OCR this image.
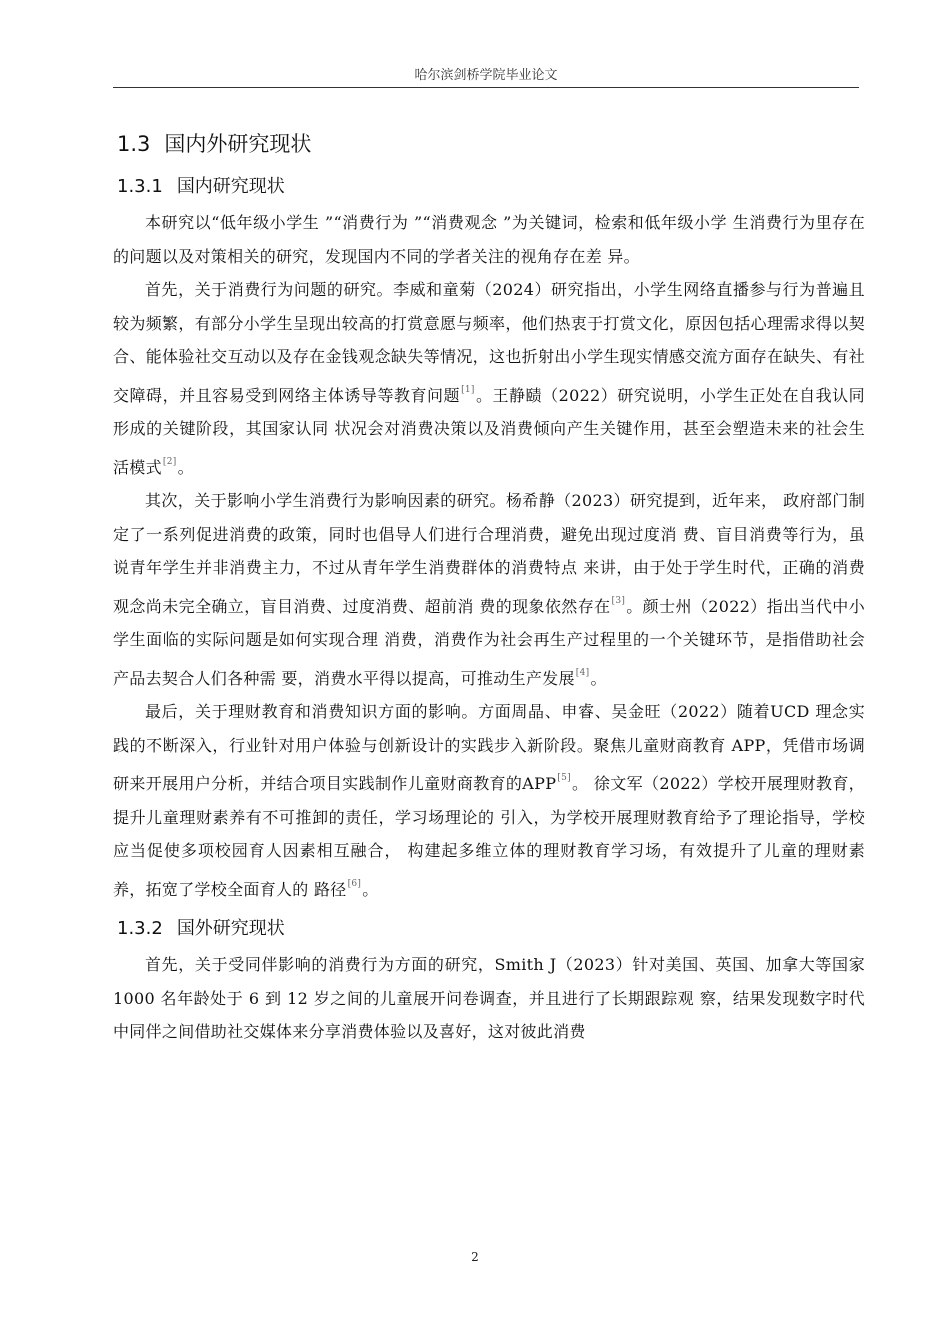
哈尔滨剑桥学院毕业论文
1.3 国内外研究现状
1.3.1 国内研究现状

本研究以“低年级小学生 ”“消费行为 ”“消费观念 ”为关键词，检索和低年级小学 生消费行为里存在的问题以及对策相关的研究，发现国内不同的学者关注的视角存在差 异。

首先，关于消费行为问题的研究。李威和童菊（2024）研究指出，小学生网络直播参与行为普遍且较为频繁，有部分小学生呈现出较高的打赏意愿与频率，他们热衷于打赏文化，原因包括心理需求得以契合、能体验社交互动以及存在金钱观念缺失等情况，这也折射出小学生现实情感交流方面存在缺失、有社交障碍，并且容易受到网络主体诱导等教育问题[1]。王静赜（2022）研究说明，小学生正处在自我认同形成的关键阶段，其国家认同 状况会对消费决策以及消费倾向产生关键作用，甚至会塑造未来的社会生活模式[2]。

其次，关于影响小学生消费行为影响因素的研究。杨希静（2023）研究提到，近年来， 政府部门制定了一系列促进消费的政策，同时也倡导人们进行合理消费，避免出现过度消 费、盲目消费等行为，虽说青年学生并非消费主力，不过从青年学生消费群体的消费特点 来讲，由于处于学生时代，正确的消费观念尚未完全确立，盲目消费、过度消费、超前消 费的现象依然存在[3]。颜士州（2022）指出当代中小学生面临的实际问题是如何实现合理 消费，消费作为社会再生产过程里的一个关键环节，是指借助社会产品去契合人们各种需 要，消费水平得以提高，可推动生产发展[4]。

最后，关于理财教育和消费知识方面的影响。方面周晶、申睿、吴金旺（2022）随着UCD 理念实践的不断深入，行业针对用户体验与创新设计的实践步入新阶段。聚焦儿童财商教育 APP，凭借市场调研来开展用户分析，并结合项目实践制作儿童财商教育的APP[5]。 徐文军（2022）学校开展理财教育，提升儿童理财素养有不可推卸的责任，学习场理论的 引入，为学校开展理财教育给予了理论指导，学校应当促使多项校园育人因素相互融合， 构建起多维立体的理财教育学习场，有效提升了儿童的理财素养，拓宽了学校全面育人的 路径[6]。

1.3.2 国外研究现状

首先，关于受同伴影响的消费行为方面的研究，Smith J（2023）针对美国、英国、加拿大等国家 1000 名年龄处于 6 到 12 岁之间的儿童展开问卷调查，并且进行了长期跟踪观 察，结果发现数字时代中同伴之间借助社交媒体来分享消费体验以及喜好，这对彼此消费

2
